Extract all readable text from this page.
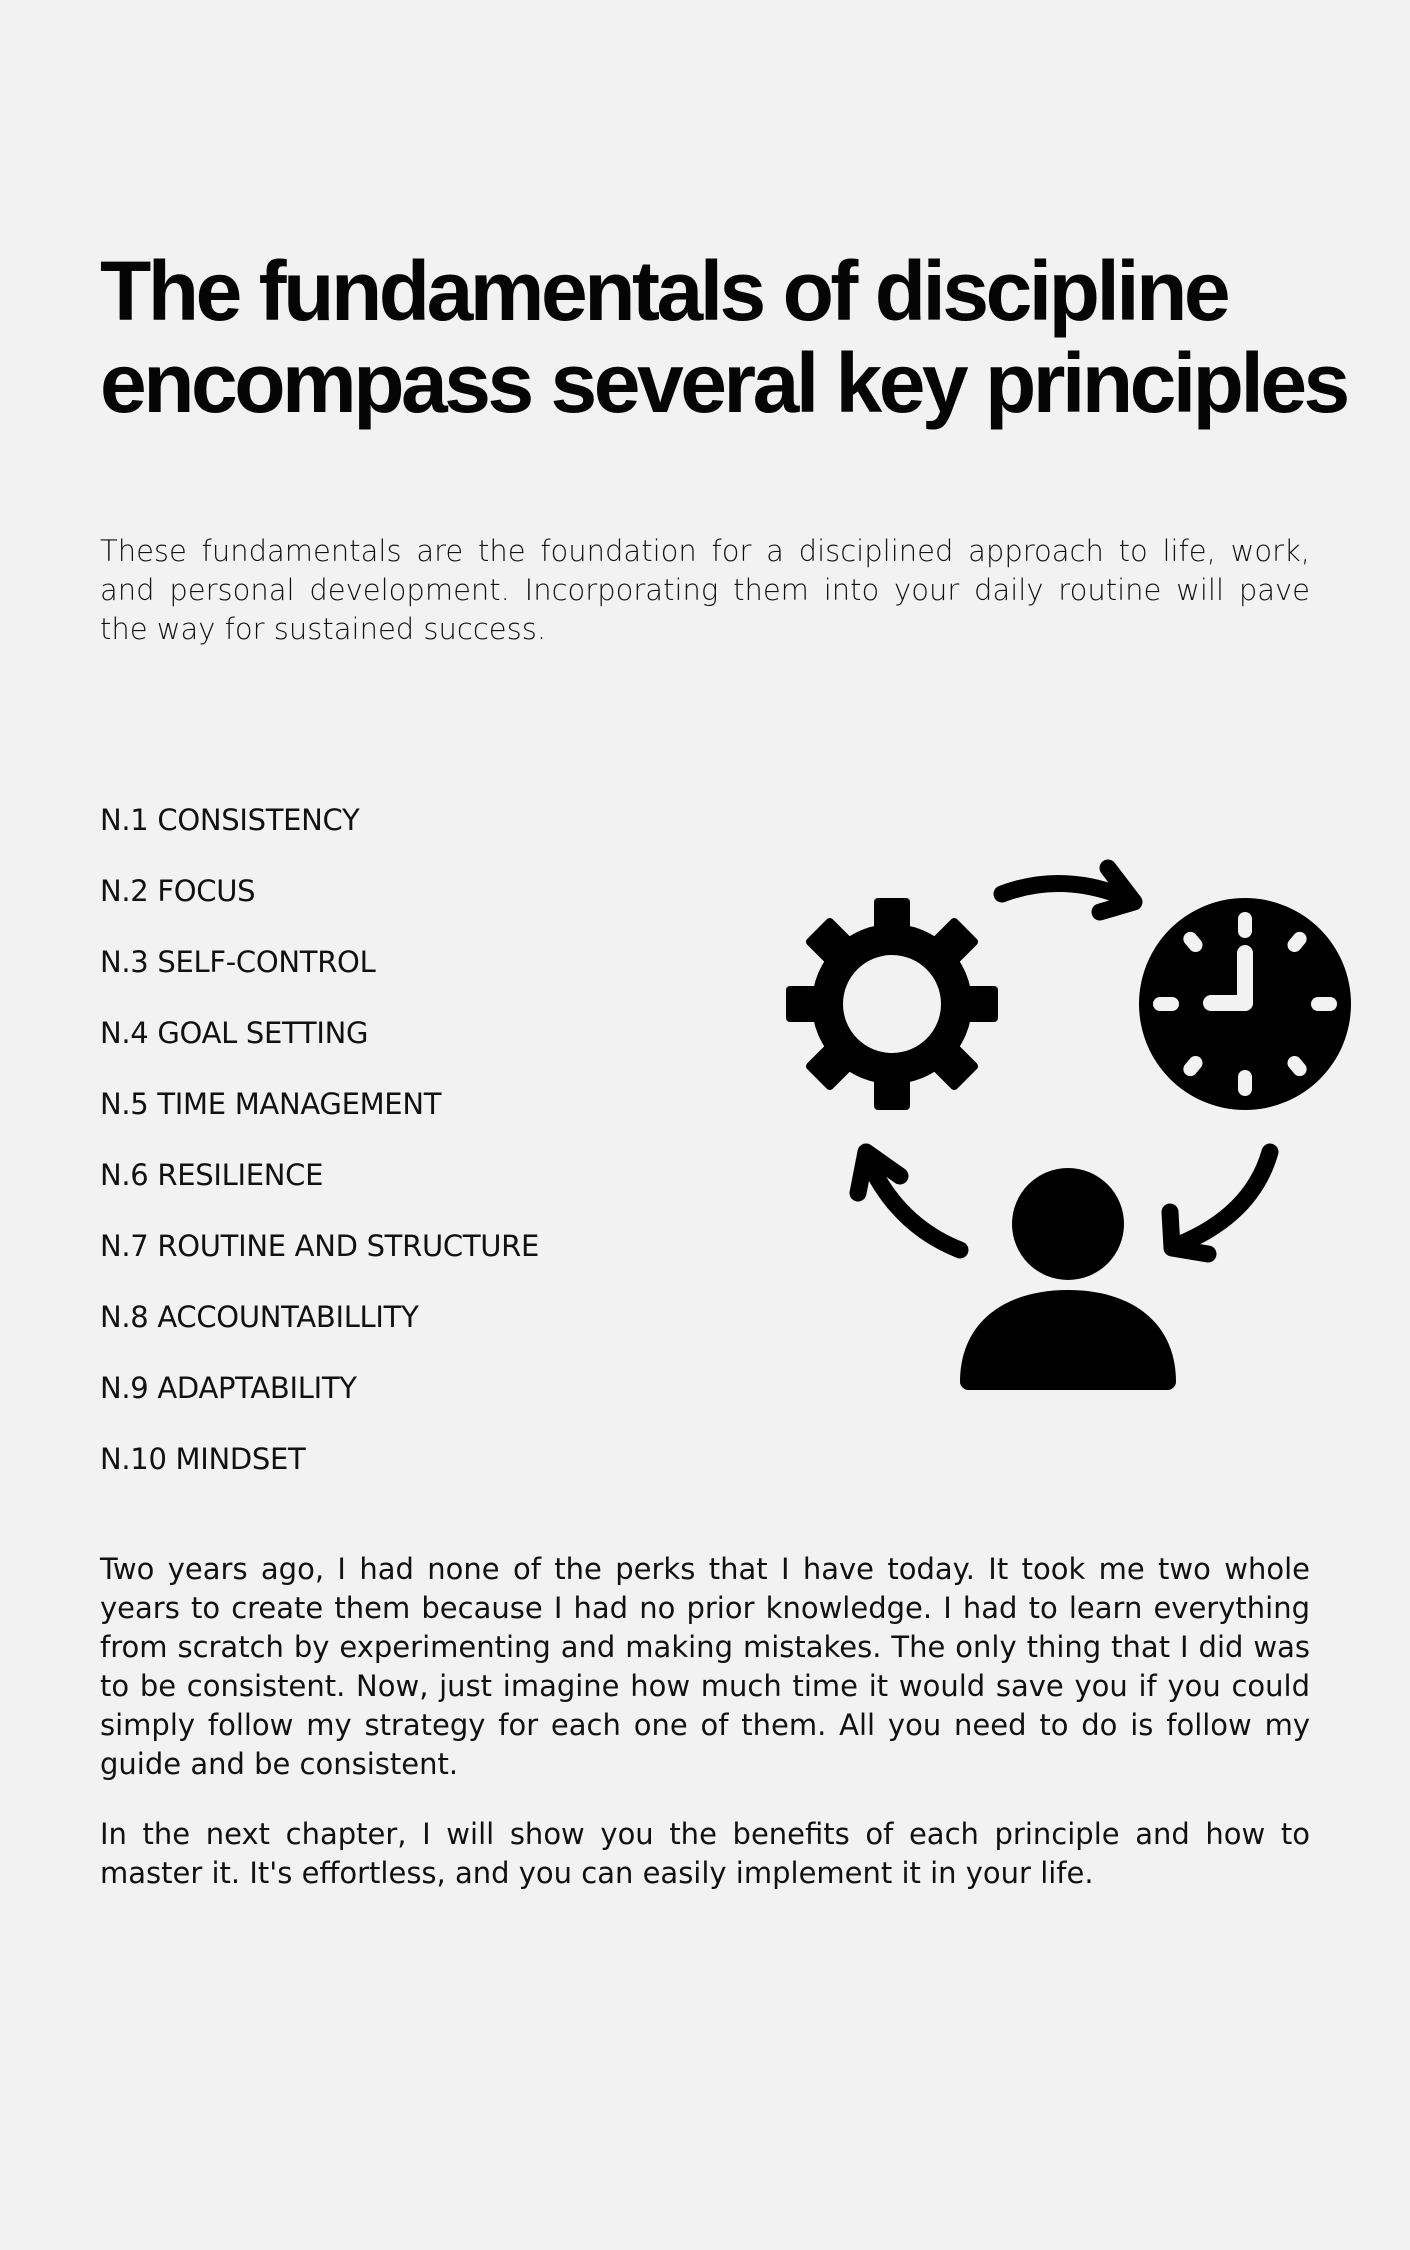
The fundamentals of discipline
encompass several key principles

These fundamentals are the foundation for a disciplined approach to life, work, and personal development. Incorporating them into your daily routine will pave the way for sustained success.

N.1 CONSISTENCY
N.2 FOCUS
N.3 SELF-CONTROL
N.4 GOAL SETTING
N.5 TIME MANAGEMENT
N.6 RESILIENCE
N.7 ROUTINE AND STRUCTURE
N.8 ACCOUNTABILLITY
N.9 ADAPTABILITY
N.10 MINDSET

Two years ago, I had none of the perks that I have today. It took me two whole years to create them because I had no prior knowledge. I had to learn everything from scratch by experimenting and making mistakes. The only thing that I did was to be consistent. Now, just imagine how much time it would save you if you could simply follow my strategy for each one of them. All you need to do is follow my guide and be consistent.

In the next chapter, I will show you the benefits of each principle and how to master it. It's effortless, and you can easily implement it in your life.
